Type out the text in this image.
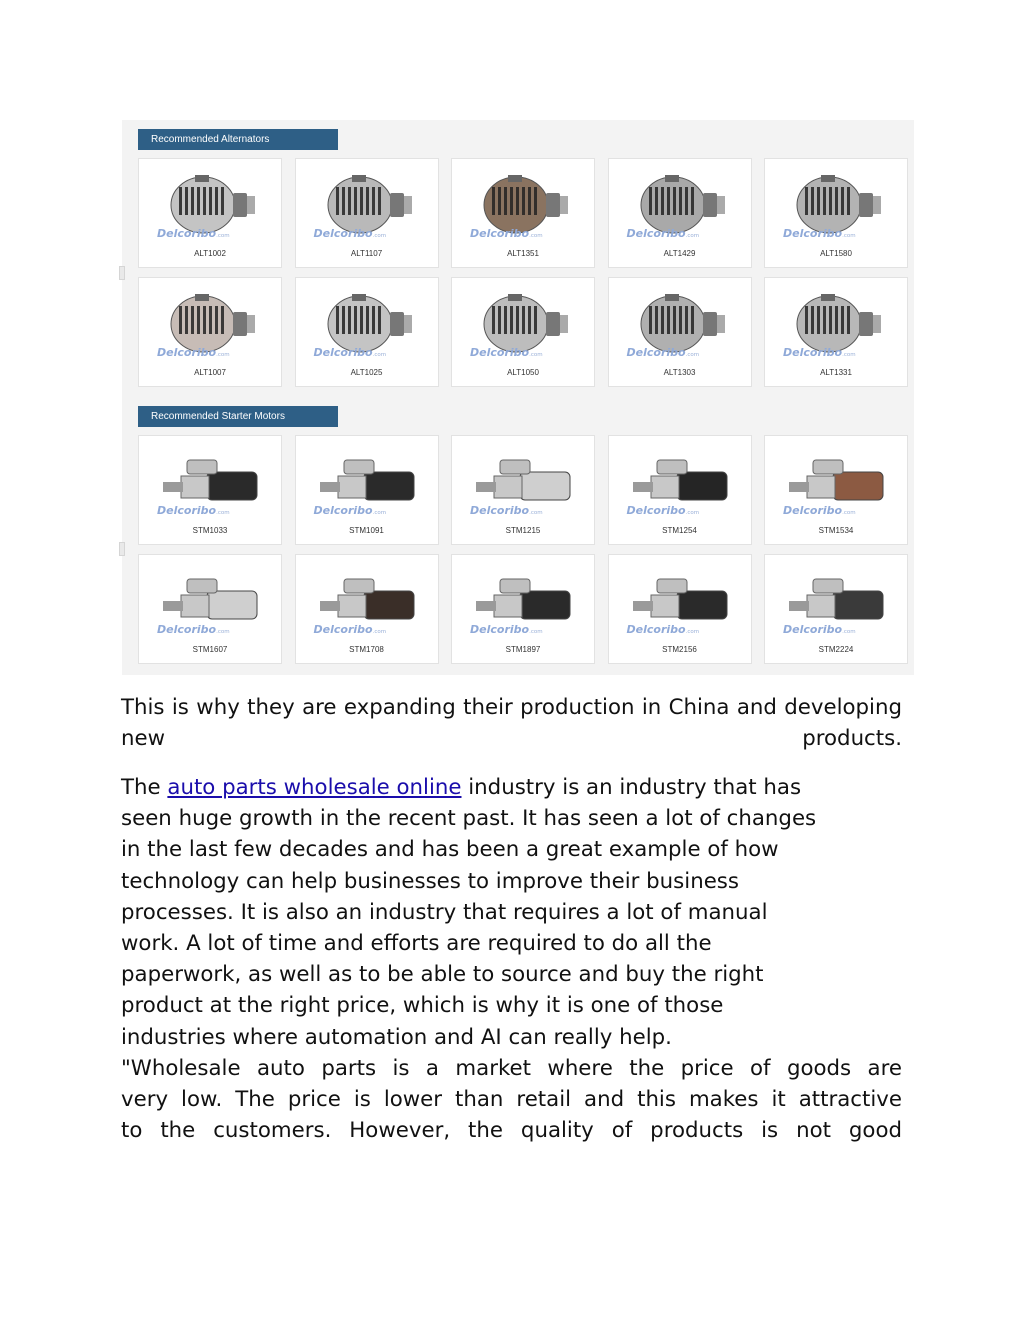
Recommended Alternators
Delcoribo.com
ALT1002
Delcoribo.com
ALT1107
Delcoribo.com
ALT1351
Delcoribo.com
ALT1429
Delcoribo.com
ALT1580
Delcoribo.com
ALT1007
Delcoribo.com
ALT1025
Delcoribo.com
ALT1050
Delcoribo.com
ALT1303
Delcoribo.com
ALT1331
Recommended Starter Motors
Delcoribo.com
STM1033
Delcoribo.com
STM1091
Delcoribo.com
STM1215
Delcoribo.com
STM1254
Delcoribo.com
STM1534
Delcoribo.com
STM1607
Delcoribo.com
STM1708
Delcoribo.com
STM1897
Delcoribo.com
STM2156
Delcoribo.com
STM2224
This is why they are expanding their production in China and developing new products.

The auto parts wholesale online industry is an industry that has

seen huge growth in the recent past. It has seen a lot of changes

in the last few decades and has been a great example of how

technology can help businesses to improve their business

processes. It is also an industry that requires a lot of manual

work. A lot of time and efforts are required to do all the

paperwork, as well as to be able to source and buy the right

product at the right price, which is why it is one of those

industries where automation and AI can really help.

"Wholesale auto parts is a market where the price of goods are

very low. The price is lower than retail and this makes it attractive

to the customers. However, the quality of products is not good
